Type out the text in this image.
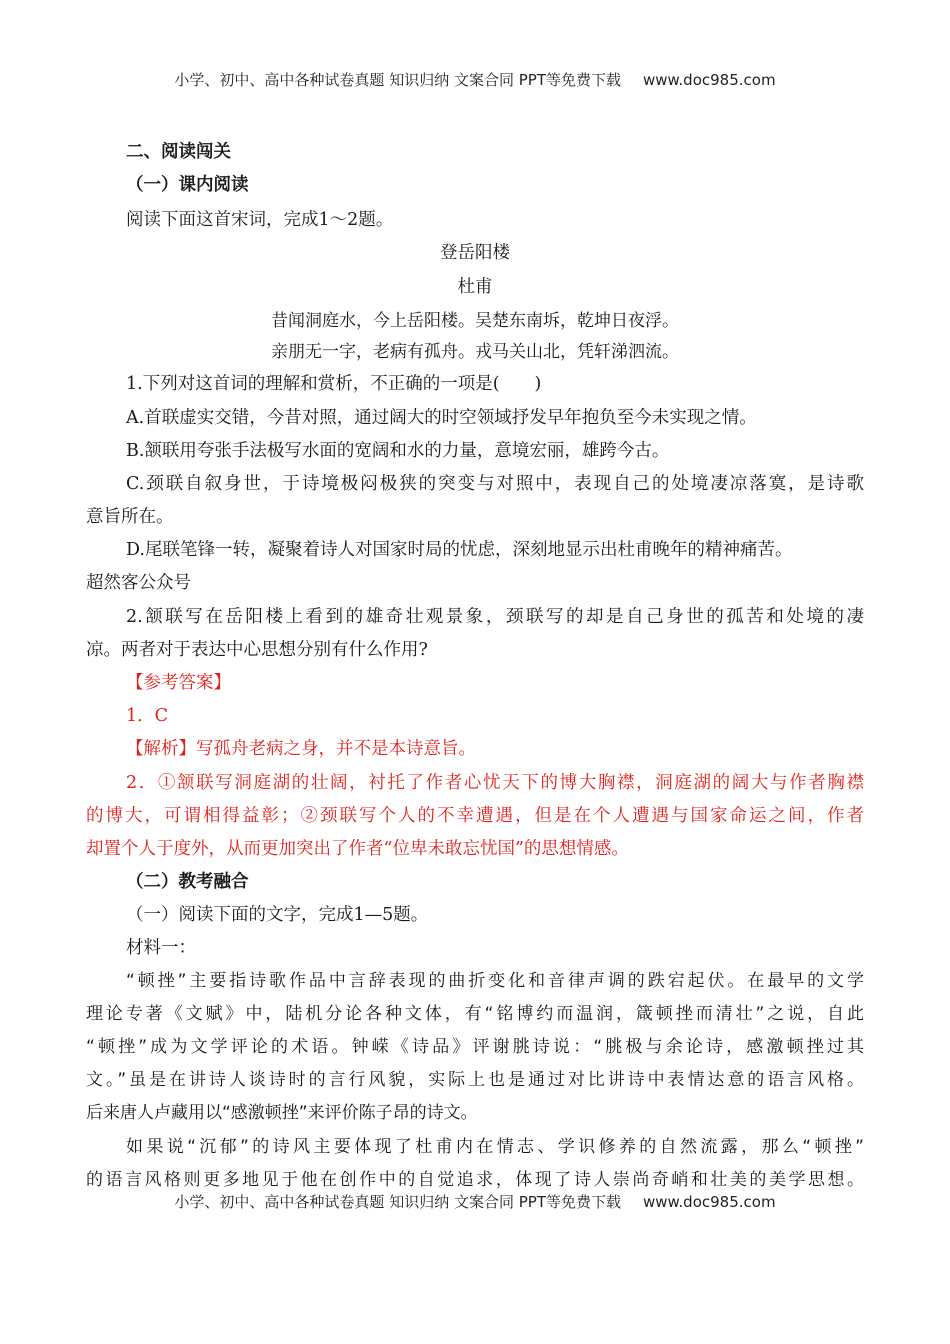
小学、初中、高中各种试卷真题 知识归纳 文案合同 PPT等免费下载 www.doc985.com
二、阅读闯关
（一）课内阅读
阅读下面这首宋词，完成1～2题。
登岳阳楼
杜甫
昔闻洞庭水，今上岳阳楼。吴楚东南坼，乾坤日夜浮。
亲朋无一字，老病有孤舟。戎马关山北，凭轩涕泗流。
1.下列对这首词的理解和赏析，不正确的一项是(　　)
A.首联虚实交错，今昔对照，通过阔大的时空领域抒发早年抱负至今未实现之情。
B.颔联用夸张手法极写水面的宽阔和水的力量，意境宏丽，雄跨今古。
C.颈联自叙身世，于诗境极闷极狭的突变与对照中，表现自己的处境凄凉落寞，是诗歌
意旨所在。
D.尾联笔锋一转，凝聚着诗人对国家时局的忧虑，深刻地显示出杜甫晚年的精神痛苦。
超然客公众号
2.颔联写在岳阳楼上看到的雄奇壮观景象，颈联写的却是自己身世的孤苦和处境的凄
凉。两者对于表达中心思想分别有什么作用?
【参考答案】
1．C
【解析】写孤舟老病之身，并不是本诗意旨。
2．①颔联写洞庭湖的壮阔，衬托了作者心忧天下的博大胸襟，洞庭湖的阔大与作者胸襟
的博大，可谓相得益彰；②颈联写个人的不幸遭遇，但是在个人遭遇与国家命运之间，作者
却置个人于度外，从而更加突出了作者“位卑未敢忘忧国”的思想情感。
（二）教考融合
（一）阅读下面的文字，完成1—5题。
材料一：
“顿挫”主要指诗歌作品中言辞表现的曲折变化和音律声调的跌宕起伏。在最早的文学
理论专著《文赋》中，陆机分论各种文体，有“铭博约而温润，箴顿挫而清壮”之说，自此
“顿挫”成为文学评论的术语。钟嵘《诗品》评谢朓诗说：“朓极与余论诗，感激顿挫过其
文。”虽是在讲诗人谈诗时的言行风貌，实际上也是通过对比讲诗中表情达意的语言风格。
后来唐人卢藏用以“感激顿挫”来评价陈子昂的诗文。
如果说“沉郁”的诗风主要体现了杜甫内在情志、学识修养的自然流露，那么“顿挫”
的语言风格则更多地见于他在创作中的自觉追求，体现了诗人崇尚奇峭和壮美的美学思想。
小学、初中、高中各种试卷真题 知识归纳 文案合同 PPT等免费下载 www.doc985.com
